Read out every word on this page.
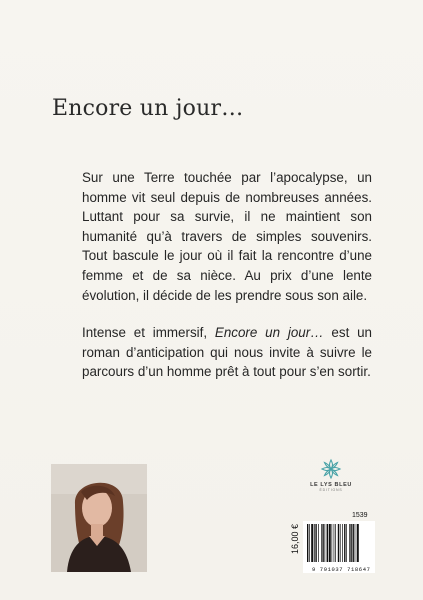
Encore un jour…

Sur une Terre touchée par l’apocalypse, un homme vit seul depuis de nombreuses années. Luttant pour sa survie, il ne maintient son humanité qu’à travers de simples souvenirs. Tout bascule le jour où il fait la rencontre d’une femme et de sa nièce. Au prix d’une lente évolution, il décide de les prendre sous son aile.

Intense et immersif, Encore un jour… est un roman d’anticipation qui nous invite à suivre le parcours d’un homme prêt à tout pour s’en sortir.

LE LYS BLEU
ÉDITIONS
16,00 €
1539
9 791037 718647
